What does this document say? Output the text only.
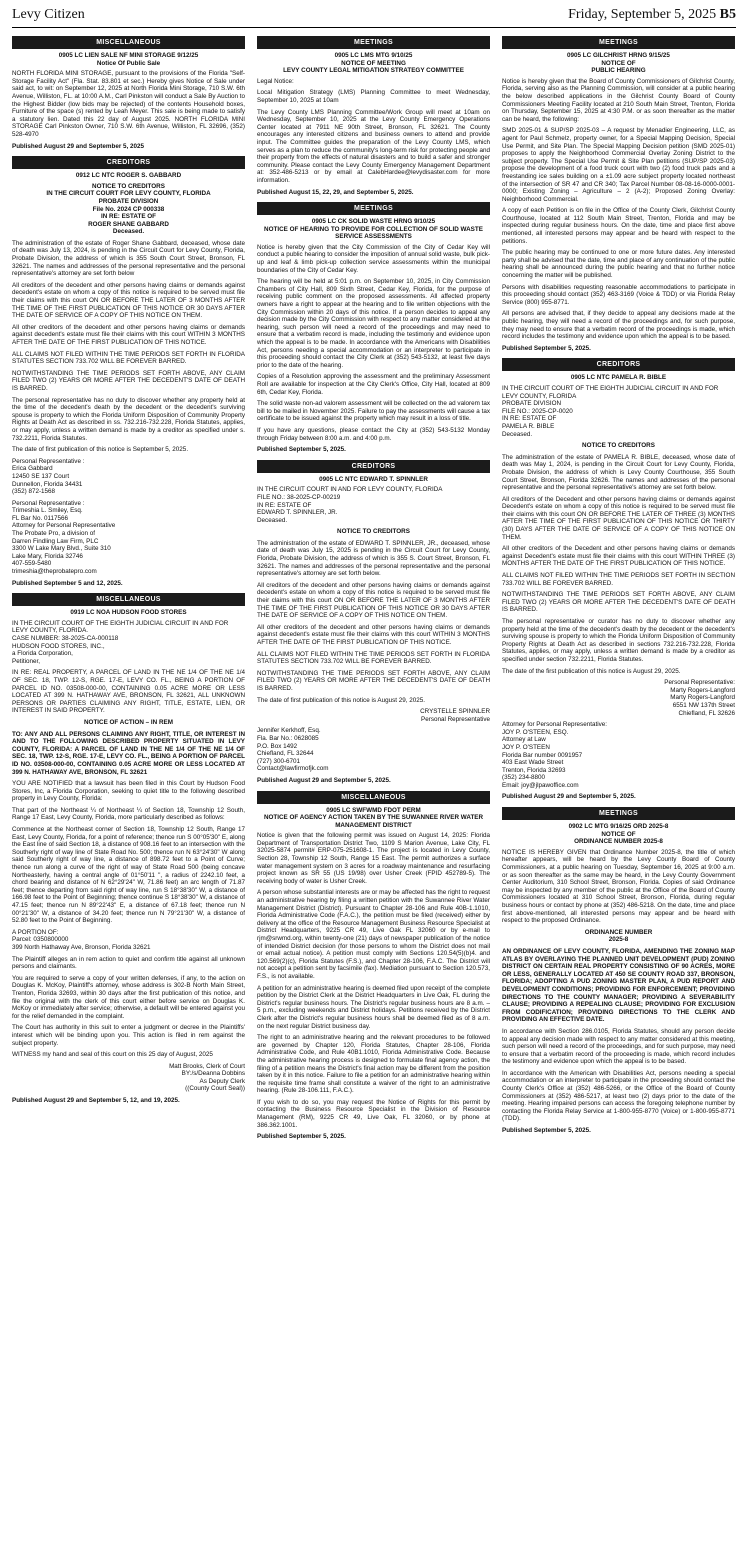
Levy Citizen	Friday, September 5, 2025 B5
MISCELLANEOUS

0905 LC LIEN SALE NF MINI STORAGE 9/12/25
Notice Of Public Sale

NORTH FLORIDA MINI STORAGE, pursuant to the provisions of the Florida "Self-Storage Facility Act" (Fla. Stat. 83.801 et sec.) Hereby gives Notice of Sale under said act, to wit: on September 12, 2025 at North Florida Mini Storage, 710 S.W. 6th Avenue, Williston, FL. at 10:00 A.M., Carl Pinkston will conduct a Sale By Auction to the Highest Bidder (low bids may be rejected) of the contents Household boxes, Furniture of the space (s) rented by Leah Meyer. This sale is being made to satisfy a statutory lien. Dated this 22 day of August 2025. NORTH FLORIDA MINI STORAGE Carl Pinkston Owner, 710 S.W. 6th Avenue, Williston, FL 32696, (352) 528-4970

Published August 29 and September 5, 2025

CREDITORS

0912 LC NTC ROGER S. GABBARD

NOTICE TO CREDITORS
IN THE CIRCUIT COURT FOR LEVY COUNTY, FLORIDA
PROBATE DIVISION
File No. 2024 CP 000338
IN RE: ESTATE OF
ROGER SHANE GABBARD
Deceased.

The administration of the estate of Roger Shane Gabbard, deceased, whose date of death was July 13, 2024, is pending in the Circuit Court for Levy County, Florida, Probate Division, the address of which is 355 South Court Street, Bronson, FL 32621. The names and addresses of the personal representative and the personal representative's attorney are set forth below

All creditors of the decedent and other persons having claims or demands against decedent's estate on whom a copy of this notice is required to be served must file their claims with this court ON OR BEFORE THE LATER OF 3 MONTHS AFTER THE TIME OF THE FIRST PUBLICATION OF THIS NOTICE OR 30 DAYS AFTER THE DATE OF SERVICE OF A COPY OF THIS NOTICE ON THEM.

All other creditors of the decedent and other persons having claims or demands against decedent's estate must file their claims with this court WITHIN 3 MONTHS AFTER THE DATE OF THE FIRST PUBLICATION OF THIS NOTICE.

ALL CLAIMS NOT FILED WITHIN THE TIME PERIODS SET FORTH IN FLORIDA STATUTES SECTION 733.702 WILL BE FOREVER BARRED.

NOTWITHSTANDING THE TIME PERIODS SET FORTH ABOVE, ANY CLAIM FILED TWO (2) YEARS OR MORE AFTER THE DECEDENT'S DATE OF DEATH IS BARRED.

The personal representative has no duty to discover whether any property held at the time of the decedent's death by the decedent or the decedent's surviving spouse is property to which the Florida Uniform Disposition of Community Property Rights at Death Act as described in ss. 732.216-732.228, Florida Statutes, applies, or may apply, unless a written demand is made by a creditor as specified under s. 732.2211, Florida Statutes.

The date of first publication of this notice is September 5, 2025.

Personal Representative :
Erica Gabbard
12450 SE 137 Court
Dunnellon, Florida 34431
(352) 872-1568

Personal Representative :
Trimeshia L. Smiley, Esq.
FL Bar No. 0117566
Attorney for Personal Representative
The Probate Pro, a division of
Darren Findling Law Firm, PLC
3300 W Lake Mary Blvd., Suite 310
Lake Mary, Florida 32746
407-559-5480
trimeshia@theprobatepro.com

Published September 5 and 12, 2025.

MISCELLANEOUS

0919 LC NOA HUDSON FOOD STORES

IN THE CIRCUIT COURT OF THE EIGHTH JUDICIAL CIRCUIT IN AND FOR LEVY COUNTY, FLORIDA.
CASE NUMBER: 38-2025-CA-000118
HUDSON FOOD STORES, INC.,
a Florida Corporation,
Petitioner,

IN RE: REAL PROPERTY, A PARCEL OF LAND IN THE NE 1/4 OF THE NE 1/4 OF SEC. 18, TWP. 12-S, RGE. 17-E, LEVY CO. FL., BEING A PORTION OF PARCEL ID NO. 03508-000-00, CONTAINING 0.05 ACRE MORE OR LESS LOCATED AT 399 N. HATHAWAY AVE, BRONSON, FL 32621, ALL UNKNOWN PERSONS OR PARTIES CLAIMING ANY RIGHT, TITLE, ESTATE, LIEN, OR INTEREST IN SAID PROPERTY.

NOTICE OF ACTION – IN REM

TO: ANY AND ALL PERSONS CLAIMING ANY RIGHT, TITLE, OR INTEREST IN AND TO THE FOLLOWING DESCRIBED PROPERTY SITUATED IN LEVY COUNTY, FLORIDA: A PARCEL OF LAND IN THE NE 1/4 OF THE NE 1/4 OF SEC. 18, TWP. 12-S, RGE. 17-E, LEVY CO. FL., BEING A PORTION OF PARCEL ID NO. 03508-000-00, CONTAINING 0.05 ACRE MORE OR LESS LOCATED AT 399 N. HATHAWAY AVE, BRONSON, FL 32621

YOU ARE NOTIFIED that a lawsuit has been filed in this Court by Hudson Food Stores, Inc, a Florida Corporation, seeking to quiet title to the following described property in Levy County, Florida:

That part of the Northeast ¼ of Northeast ¼ of Section 18, Township 12 South, Range 17 East, Levy County, Florida, more particularly described as follows:

Commence at the Northeast corner of Section 18, Township 12 South, Range 17 East, Levy County, Florida, for a point of reference; thence run S 00°05'30" E, along the East line of said Section 18, a distance of 908.16 feet to an intersection with the Southerly right of way line of State Road No. 500; thence run N 63°24'30" W along said Southerly right of way line, a distance of 898.72 feet to a Point of Curve; thence run along a curve of the right of way of State Road 500 (being concave Northeasterly, having a central angle of 01°50'11 ", a radius of 2242.10 feet, a chord bearing and distance of N 62°29'24" W, 71.86 feet) an arc length of 71.87 feet; thence departing from said right of way line, run S 18°38'30" W, a distance of 166.98 feet to the Point of Beginning; thence continue S 18°38'30" W, a distance of 47.15 feet; thence run N 89°22'43" E, a distance of 67.18 feet; thence run N 00°21'30" W, a distance of 34.20 feet; thence run N 79°21'30" W, a distance of 52.80 feet to the Point of Beginning.

A PORTION OF:
Parcel: 0350800000
399 North Hathaway Ave, Bronson, Florida 32621

The Plaintiff alleges an in rem action to quiet and confirm title against all unknown persons and claimants.

You are required to serve a copy of your written defenses, if any, to the action on Douglas K. McKoy, Plaintiff's attorney, whose address is 302-B North Main Street, Trenton, Florida 32693, within 30 days after the first publication of this notice, and file the original with the clerk of this court either before service on Douglas K. McKoy or immediately after service; otherwise, a default will be entered against you for the relief demanded in the complaint.

The Court has authority in this suit to enter a judgment or decree in the Plaintiffs' interest which will be binding upon you. This action is filed in rem against the subject property.

WITNESS my hand and seal of this court on this 25 day of August, 2025

Matt Brooks, Clerk of Court
BY:/s/Deanna Dobbins
As Deputy Clerk
((County Court Seal))

Published August 29 and September 5, 12, and 19, 2025.

MEETINGS

0905 LC LMS MTG 9/10/25
NOTICE OF MEETING
LEVY COUNTY LEGAL MITIGATION STRATEGY COMMITTEE

Legal Notice:

Local Mitigation Strategy (LMS) Planning Committee to meet Wednesday, September 10, 2025 at 10am

The Levy County LMS Planning Committee/Work Group will meet at 10am on Wednesday, September 10, 2025 at the Levy County Emergency Operations Center located at 7911 NE 90th Street, Bronson, FL 32621. The County encourages any interested citizens and business owners to attend and provide input. The Committee guides the preparation of the Levy County LMS, which serves as a plan to reduce the community's long-term risk for protecting people and their property from the effects of natural disasters and to build a safer and stronger community. Please contact the Levy County Emergency Management Department at: 352-486-5213 or by email at CalebHardee@levydisaster.com for more information.

Published August 15, 22, 29, and September 5, 2025.

MEETINGS

0905 LC CK SOLID WASTE HRNG 9/10/25
NOTICE OF HEARING TO PROVIDE FOR COLLECTION OF SOLID WASTE SERVICE ASSESSMENTS

Notice is hereby given that the City Commission of the City of Cedar Key will conduct a public hearing to consider the imposition of annual solid waste, bulk pick-up and leaf & limb pick-up collection service assessments within the municipal boundaries of the City of Cedar Key.

The hearing will be held at 5:01 p.m. on September 10, 2025, in City Commission Chambers of City Hall, 809 Sixth Street, Cedar Key, Florida, for the purpose of receiving public comment on the proposed assessments. All affected property owners have a right to appear at the hearing and to file written objections with the City Commission within 20 days of this notice. If a person decides to appeal any decision made by the City Commission with respect to any matter considered at the hearing, such person will need a record of the proceedings and may need to ensure that a verbatim record is made, including the testimony and evidence upon which the appeal is to be made. In accordance with the Americans with Disabilities Act, persons needing a special accommodation or an interpreter to participate in this proceeding should contact the City Clerk at (352) 543-5132, at least five days prior to the date of the hearing.

Copies of a Resolution approving the assessment and the preliminary Assessment Roll are available for inspection at the City Clerk's Office, City Hall, located at 809 6th, Cedar Key, Florida.

The solid waste non-ad valorem assessment will be collected on the ad valorem tax bill to be mailed in November 2025. Failure to pay the assessments will cause a tax certificate to be issued against the property which may result in a loss of title.

If you have any questions, please contact the City at (352) 543-5132 Monday through Friday between 8:00 a.m. and 4:00 p.m.

Published September 5, 2025.

CREDITORS

0905 LC NTC EDWARD T. SPINNLER

IN THE CIRCUIT COURT IN AND FOR LEVY COUNTY, FLORIDA
FILE NO.: 38-2025-CP-00219
IN RE: ESTATE OF
EDWARD T. SPINNLER, JR.
Deceased.

NOTICE TO CREDITORS

The administration of the estate of EDWARD T. SPINNLER, JR., deceased, whose date of death was July 15, 2025 is pending in the Circuit Court for Levy County, Florida, Probate Division, the address of which is 355 S. Court Street, Bronson, FL 32621. The names and addresses of the personal representative and the personal representative's attorney are set forth below.

All creditors of the decedent and other persons having claims or demands against decedent's estate on whom a copy of this notice is required to be served must file their claims with this court ON OR BEFORE THE LATER OF 3 MONTHS AFTER THE TIME OF THE FIRST PUBLICATION OF THIS NOTICE OR 30 DAYS AFTER THE DATE OF SERVICE OF A COPY OF THIS NOTICE ON THEM.

All other creditors of the decedent and other persons having claims or demands against decedent's estate must file their claims with this court WITHIN 3 MONTHS AFTER THE DATE OF THE FIRST PUBLICATION OF THIS NOTICE.

ALL CLAIMS NOT FILED WITHIN THE TIME PERIODS SET FORTH IN FLORIDA STATUTES SECTION 733.702 WILL BE FOREVER BARRED.

NOTWITHSTANDING THE TIME PERIODS SET FORTH ABOVE, ANY CLAIM FILED TWO (2) YEARS OR MORE AFTER THE DECEDENT'S DATE OF DEATH IS BARRED.

The date of first publication of this notice is August 29, 2025.

CRYSTELLE SPINNLER
Personal Representative

Jennifer Kerkhoff, Esq.
Fla. Bar No.: 0628085
P.O. Box 1492
Chiefland, FL 32644
(727) 300-6701
Contact@lawfirmofjk.com

Published August 29 and September 5, 2025.

MISCELLANEOUS

0905 LC SWFWMD FDOT PERM
NOTICE OF AGENCY ACTION TAKEN BY THE SUWANNEE RIVER WATER MANAGEMENT DISTRICT

Notice is given that the following permit was issued on August 14, 2025: Florida Department of Transportation District Two, 1109 S Marion Avenue, Lake City, FL 32025-5874 permit# ERP-075-251608-1. The project is located in Levy County, Section 28, Township 12 South, Range 15 East. The permit authorizes a surface water management system on 3 acres for a roadway maintenance and resurfacing project known as SR 55 (US 19/98) over Usher Creek (FPID 452789-5). The receiving body of water is Usher Creek.

A person whose substantial interests are or may be affected has the right to request an administrative hearing by filing a written petition with the Suwannee River Water Management District (District). Pursuant to Chapter 28-106 and Rule 40B-1.1010, Florida Administrative Code (F.A.C.), the petition must be filed (received) either by delivery at the office of the Resource Management Business Resource Specialist at District Headquarters, 9225 CR 49, Live Oak FL 32060 or by e-mail to rjm@srwmd.org, within twenty-one (21) days of newspaper publication of the notice of intended District decision (for those persons to whom the District does not mail or email actual notice). A petition must comply with Sections 120.54(5)(b)4. and 120.569(2)(c), Florida Statutes (F.S.), and Chapter 28-106, F.A.C. The District will not accept a petition sent by facsimile (fax). Mediation pursuant to Section 120.573, F.S., is not available.

A petition for an administrative hearing is deemed filed upon receipt of the complete petition by the District Clerk at the District Headquarters in Live Oak, FL during the District's regular business hours. The District's regular business hours are 8 a.m. – 5 p.m., excluding weekends and District holidays. Petitions received by the District Clerk after the District's regular business hours shall be deemed filed as of 8 a.m. on the next regular District business day.

The right to an administrative hearing and the relevant procedures to be followed are governed by Chapter 120, Florida Statutes, Chapter 28-106, Florida Administrative Code, and Rule 40B1.1010, Florida Administrative Code. Because the administrative hearing process is designed to formulate final agency action, the filing of a petition means the District's final action may be different from the position taken by it in this notice. Failure to file a petition for an administrative hearing within the requisite time frame shall constitute a waiver of the right to an administrative hearing. (Rule 28-106.111, F.A.C.).

If you wish to do so, you may request the Notice of Rights for this permit by contacting the Business Resource Specialist in the Division of Resource Management (RM), 9225 CR 49, Live Oak, FL 32060, or by phone at 386.362.1001.

Published September 5, 2025.

MEETINGS

0905 LC GILCHRIST HRNG 9/15/25
NOTICE OF
PUBLIC HEARING

Notice is hereby given that the Board of County Commissioners of Gilchrist County, Florida, serving also as the Planning Commission, will consider at a public hearing the below described applications in the Gilchrist County Board of County Commissioners Meeting Facility located at 210 South Main Street, Trenton, Florida on Thursday, September 15, 2025 at 4:30 P.M. or as soon thereafter as the matter can be heard, the following:

SMD 2025-01 & SUP/SP 2025-03 – A request by Menadier Engineering, LLC, as agent for Paul Schmelz, property owner, for a Special Mapping Decision, Special Use Permit, and Site Plan. The Special Mapping Decision petition (SMD 2025-01) proposes to apply the Neighborhood Commercial Overlay Zoning District to the subject property. The Special Use Permit & Site Plan petitions (SUP/SP 2025-03) propose the development of a food truck court with two (2) food truck pads and a freestanding ice sales building on a ±1.09 acre subject property located northeast of the intersection of SR 47 and CR 340; Tax Parcel Number 08-08-16-0000-0001-0000; Existing Zoning – Agriculture – 2 (A-2); Proposed Zoning Overlay: Neighborhood Commercial.

A copy of each Petition is on file in the Office of the County Clerk, Gilchrist County Courthouse, located at 112 South Main Street, Trenton, Florida and may be inspected during regular business hours. On the date, time and place first above mentioned, all interested persons may appear and be heard with respect to the petitions.

The public hearing may be continued to one or more future dates. Any interested party shall be advised that the date, time and place of any continuation of the public hearing shall be announced during the public hearing and that no further notice concerning the matter will be published.

Persons with disabilities requesting reasonable accommodations to participate in this proceeding should contact (352) 463-3169 (Voice & TDD) or via Florida Relay Service (800) 955-8771.

All persons are advised that, if they decide to appeal any decisions made at the public hearing, they will need a record of the proceedings and, for such purpose, they may need to ensure that a verbatim record of the proceedings is made, which record includes the testimony and evidence upon which the appeal is to be based.

Published September 5, 2025.

CREDITORS

0905 LC NTC PAMELA R. BIBLE

IN THE CIRCUIT COURT OF THE EIGHTH JUDICIAL CIRCUIT IN AND FOR LEVY COUNTY, FLORIDA
PROBATE DIVISION
FILE NO.: 2025-CP-0020
IN RE: ESTATE OF
PAMELA R. BIBLE
Deceased.

NOTICE TO CREDITORS

The administration of the estate of PAMELA R. BIBLE, deceased, whose date of death was May 1, 2024, is pending in the Circuit Court for Levy County, Florida, Probate Division, the address of which is Levy County Courthouse, 355 South Court Street, Bronson, Florida 32626. The names and addresses of the personal representative and the personal representative's attorney are set forth below.

All creditors of the Decedent and other persons having claims or demands against Decedent's estate on whom a copy of this notice is required to be served must file their claims with this court ON OR BEFORE THE LATER OF THREE (3) MONTHS AFTER THE TIME OF THE FIRST PUBLICATION OF THIS NOTICE OR THIRTY (30) DAYS AFTER THE DATE OF SERVICE OF A COPY OF THIS NOTICE ON THEM.

All other creditors of the Decedent and other persons having claims or demands against Decedent's estate must file their claims with this court WITHIN THREE (3) MONTHS AFTER THE DATE OF THE FIRST PUBLICATION OF THIS NOTICE.

ALL CLAIMS NOT FILED WITHIN THE TIME PERIODS SET FORTH IN SECTION 733.702 WILL BE FOREVER BARRED.

NOTWITHSTANDING THE TIME PERIODS SET FORTH ABOVE, ANY CLAIM FILED TWO (2) YEARS OR MORE AFTER THE DECEDENT'S DATE OF DEATH IS BARRED.

The personal representative or curator has no duty to discover whether any property held at the time of the decedent's death by the decedent or the decedent's surviving spouse is property to which the Florida Uniform Disposition of Community Property Rights at Death Act as described in sections 732.216-732.228, Florida Statutes, applies, or may apply, unless a written demand is made by a creditor as specified under section 732.2211, Florida Statutes.

The date of the first publication of this notice is August 29, 2025.

Personal Representative:
Marty Rogers-Langford
Marty Rogers-Langford
6551 NW 137th Street
Chiefland, FL 32626

Attorney for Personal Representative:
JOY P. O'STEEN, ESQ.
Attorney at Law
JOY P. O'STEEN
Florida Bar number 0091957
403 East Wade Street
Trenton, Florida 32693
(352) 234-8800
Email: joy@jlpawoffice.com

Published August 29 and September 5, 2025.

MEETINGS

0902 LC MTG 9/16/25 ORD 2025-8
NOTICE OF
ORDINANCE NUMBER 2025-8

NOTICE IS HEREBY GIVEN that Ordinance Number 2025-8, the title of which hereafter appears, will be heard by the Levy County Board of County Commissioners, at a public hearing on Tuesday, September 16, 2025 at 9:00 a.m. or as soon thereafter as the same may be heard, in the Levy County Government Center Auditorium, 310 School Street, Bronson, Florida. Copies of said Ordinance may be inspected by any member of the public at the Office of the Board of County Commissioners located at 310 School Street, Bronson, Florida, during regular business hours or contact by phone at (352) 486-5218. On the date, time and place first above-mentioned, all interested persons may appear and be heard with respect to the proposed Ordinance.

ORDINANCE NUMBER
2025-8

AN ORDINANCE OF LEVY COUNTY, FLORIDA, AMENDING THE ZONING MAP ATLAS BY OVERLAYING THE PLANNED UNIT DEVELOPMENT (PUD) ZONING DISTRICT ON CERTAIN REAL PROPERTY CONSISTING OF 90 ACRES, MORE OR LESS, GENERALLY LOCATED AT 450 SE COUNTY ROAD 337, BRONSON, FLORIDA; ADOPTING A PUD ZONING MASTER PLAN, A PUD REPORT AND DEVELOPMENT CONDITIONS; PROVIDING FOR ENFORCEMENT; PROVIDING DIRECTIONS TO THE COUNTY MANAGER; PROVIDING A SEVERABILITY CLAUSE; PROVIDING A REPEALING CLAUSE; PROVIDING FOR EXCLUSION FROM CODIFICATION; PROVIDING DIRECTIONS TO THE CLERK AND PROVIDING AN EFFECTIVE DATE.

In accordance with Section 286.0105, Florida Statutes, should any person decide to appeal any decision made with respect to any matter considered at this meeting, such person will need a record of the proceedings, and for such purpose, may need to ensure that a verbatim record of the proceeding is made, which record includes the testimony and evidence upon which the appeal is to be based.

In accordance with the American with Disabilities Act, persons needing a special accommodation or an interpreter to participate in the proceeding should contact the County Clerk's Office at (352) 486-5266, or the Office of the Board of County Commissioners at (352) 486-5217, at least two (2) days prior to the date of the meeting. Hearing impaired persons can access the foregoing telephone number by contacting the Florida Relay Service at 1-800-955-8770 (Voice) or 1-800-955-8771 (TDD).

Published September 5, 2025.
